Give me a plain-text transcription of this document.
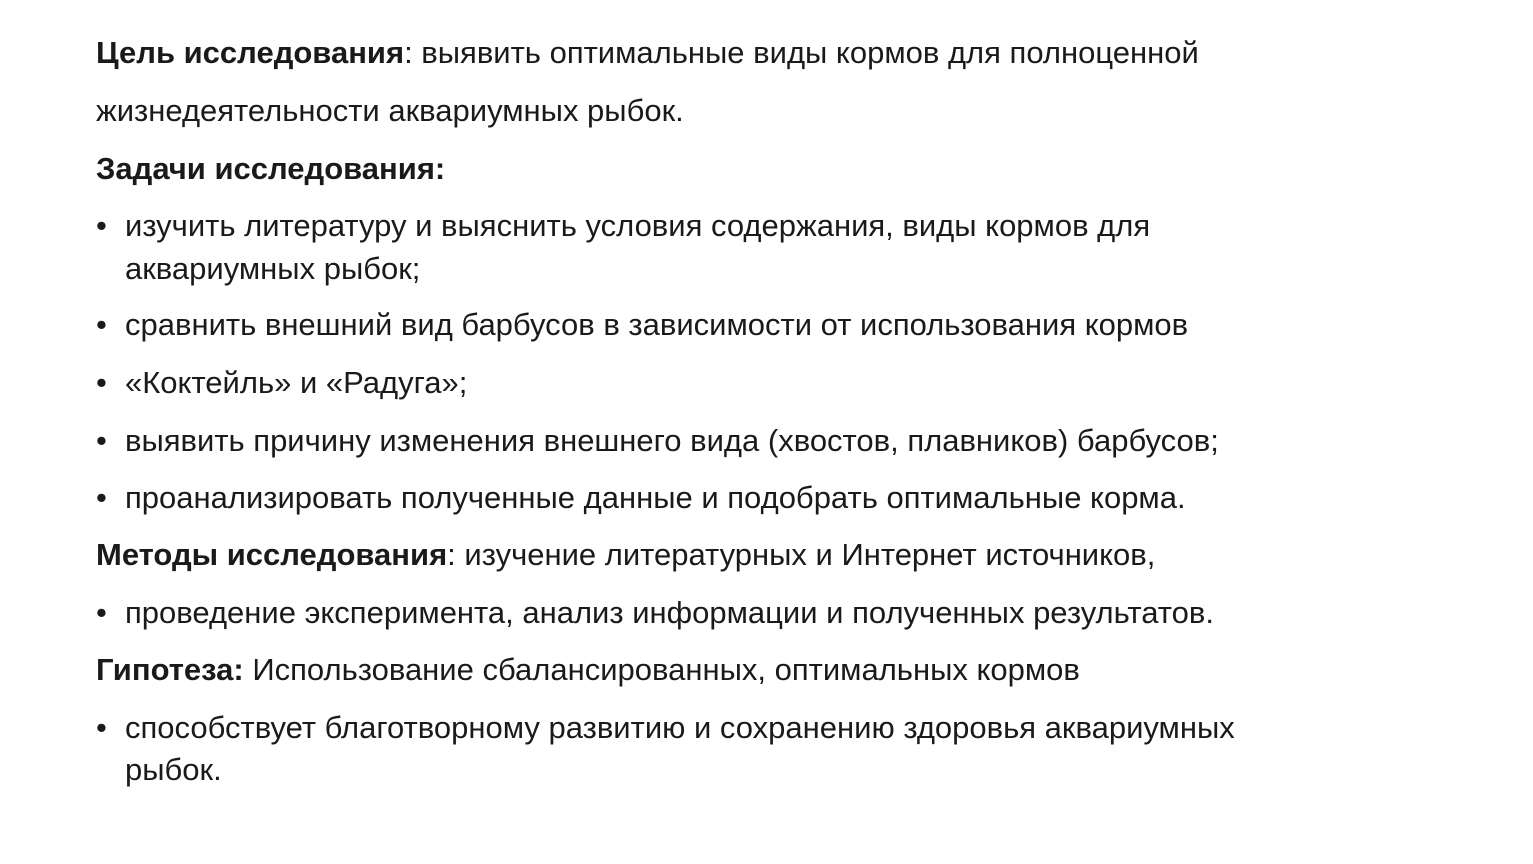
Цель исследования: выявить оптимальные виды кормов для полноценной
жизнедеятельности аквариумных рыбок.
Задачи исследования:
• изучить литературу и выяснить условия содержания, виды кормов для
аквариумных рыбок;
• сравнить внешний вид барбусов в зависимости от использования кормов
• «Коктейль» и «Радуга»;
• выявить причину изменения внешнего вида (хвостов, плавников) барбусов;
• проанализировать полученные данные и подобрать оптимальные корма.
Методы исследования: изучение литературных и Интернет источников,
• проведение эксперимента, анализ информации и полученных результатов.
Гипотеза: Использование сбалансированных, оптимальных кормов
• способствует благотворному развитию и сохранению здоровья аквариумных
рыбок.
